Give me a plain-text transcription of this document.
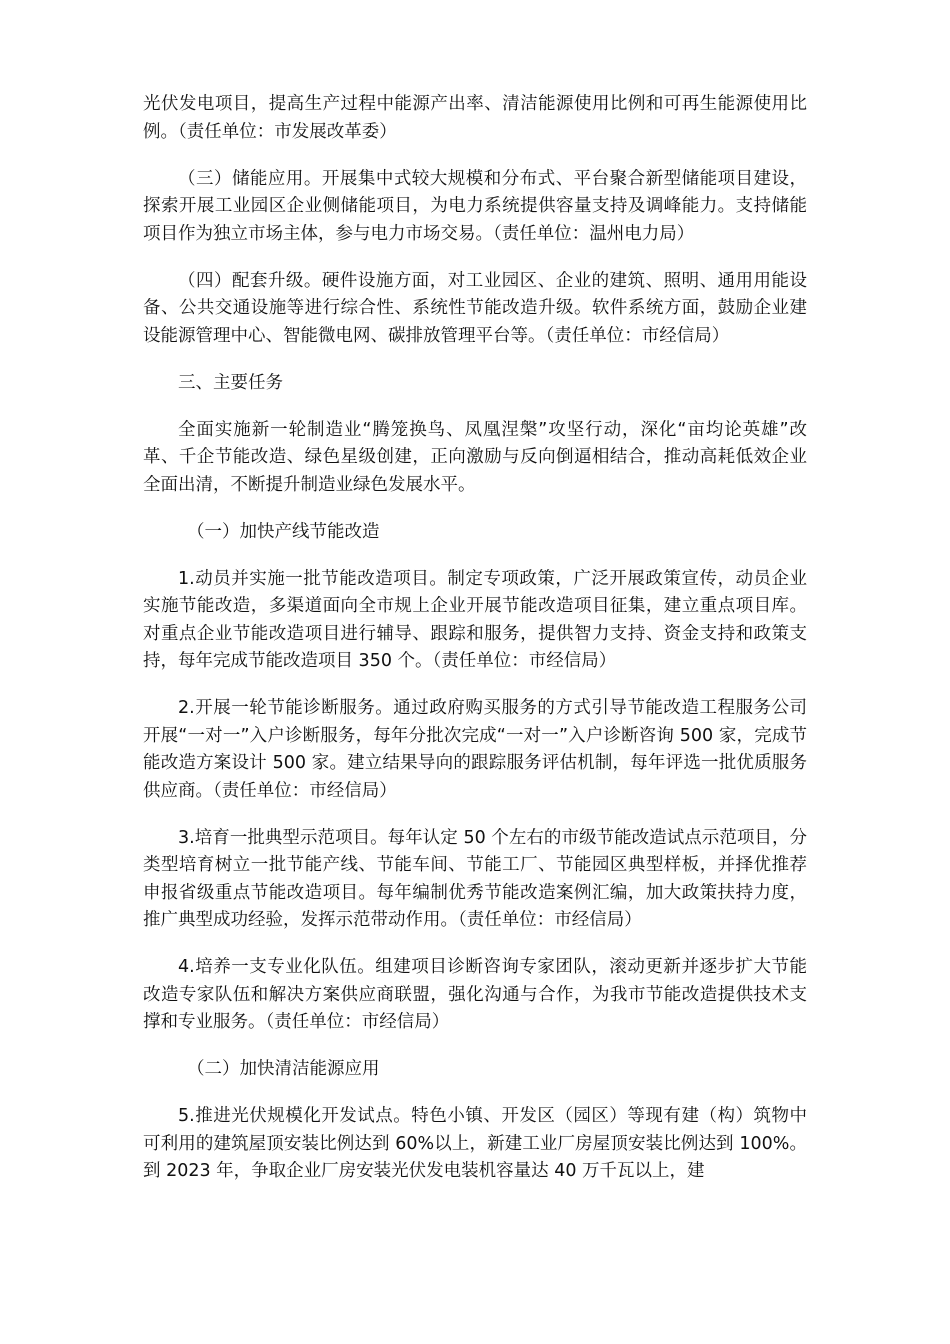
光伏发电项目，提高生产过程中能源产出率、清洁能源使用比例和可再生能源使用比例。（责任单位：市发展改革委）

（三）储能应用。开展集中式较大规模和分布式、平台聚合新型储能项目建设，探索开展工业园区企业侧储能项目，为电力系统提供容量支持及调峰能力。支持储能项目作为独立市场主体，参与电力市场交易。（责任单位：温州电力局）

（四）配套升级。硬件设施方面，对工业园区、企业的建筑、照明、通用用能设备、公共交通设施等进行综合性、系统性节能改造升级。软件系统方面，鼓励企业建设能源管理中心、智能微电网、碳排放管理平台等。（责任单位：市经信局）

三、主要任务

全面实施新一轮制造业“腾笼换鸟、凤凰涅槃”攻坚行动，深化“亩均论英雄”改革、千企节能改造、绿色星级创建，正向激励与反向倒逼相结合，推动高耗低效企业全面出清，不断提升制造业绿色发展水平。

（一）加快产线节能改造

1.动员并实施一批节能改造项目。制定专项政策，广泛开展政策宣传，动员企业实施节能改造，多渠道面向全市规上企业开展节能改造项目征集，建立重点项目库。对重点企业节能改造项目进行辅导、跟踪和服务，提供智力支持、资金支持和政策支持，每年完成节能改造项目 350 个。（责任单位：市经信局）

2.开展一轮节能诊断服务。通过政府购买服务的方式引导节能改造工程服务公司开展“一对一”入户诊断服务，每年分批次完成“一对一”入户诊断咨询 500 家，完成节能改造方案设计 500 家。建立结果导向的跟踪服务评估机制，每年评选一批优质服务供应商。（责任单位：市经信局）

3.培育一批典型示范项目。每年认定 50 个左右的市级节能改造试点示范项目，分类型培育树立一批节能产线、节能车间、节能工厂、节能园区典型样板，并择优推荐申报省级重点节能改造项目。每年编制优秀节能改造案例汇编，加大政策扶持力度，推广典型成功经验，发挥示范带动作用。（责任单位：市经信局）

4.培养一支专业化队伍。组建项目诊断咨询专家团队，滚动更新并逐步扩大节能改造专家队伍和解决方案供应商联盟，强化沟通与合作，为我市节能改造提供技术支撑和专业服务。（责任单位：市经信局）

（二）加快清洁能源应用

5.推进光伏规模化开发试点。特色小镇、开发区（园区）等现有建（构）筑物中可利用的建筑屋顶安装比例达到 60%以上，新建工业厂房屋顶安装比例达到 100%。到 2023 年，争取企业厂房安装光伏发电装机容量达 40 万千瓦以上，建
